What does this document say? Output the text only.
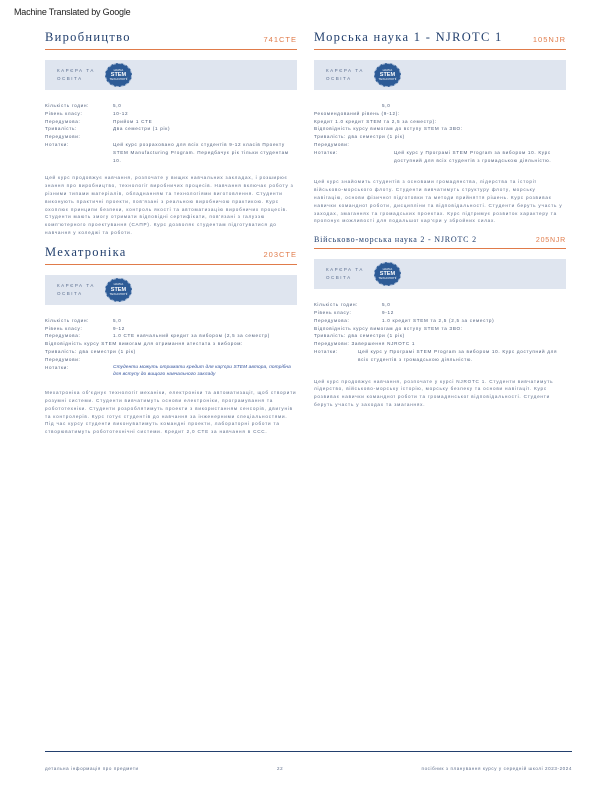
Machine Translated by Google
Виробництво	741CTE
КАРЄРА ТА
ОСВІТА
НАУКА
STEM
ТЕХНОЛОГІЇ
Кількість годин:	5,0
Рівень класу:	10-12
Передумова:	Прийом 1 CTE
Тривалість:	Два семестри (1 рік)
Передумови:
Нотатки:	Цей курс розраховано для всіх студентів 9-12 класів Проекту STEM Manufacturing Program. Передбачує рік тільки студентам 10.

Цей курс продовжує навчання, розпочате у вищих навчальних закладах, і розширює знання про виробництво, технології виробничих процесів. Навчання включає роботу з різними типами матеріалів, обладнанням та технологіями виготовлення. Студенти виконують практичні проекти, пов'язані з реальною виробничою практикою. Курс охоплює принципи безпеки, контроль якості та автоматизацію виробничих процесів. Студенти мають змогу отримати відповідні сертифікати, пов'язані з галуззю комп'ютерного проектування (САПР). Курс дозволяє студентам підготуватися до навчання у коледжі та роботи.

Мехатроніка	203CTE
КАРЄРА ТА
ОСВІТА
НАУКА
STEM
ТЕХНОЛОГІЇ
Кількість годин:	5,0
Рівень класу:	9-12
Передумова:	1.0 CTE навчальний кредит за вибором (2,5 за семестр)
Відповідність курсу STEM вимогам для отримання атестата з вибором:
Тривалість: два семестри (1 рік)
Передумови:
Нотатки:	Студенти можуть отримати кредит для кар'єри STEM автора, потрібна для вступу до вищого навчального закладу

Мехатроніка об'єднує технології механіки, електроніки та автоматизації, щоб створити розумні системи. Студенти вивчатимуть основи електроніки, програмування та робототехніки. Студенти розроблятимуть проекти з використанням сенсорів, двигунів та контролерів. Курс готує студентів до навчання за інженерними спеціальностями. Під час курсу студенти виконуватимуть командні проекти, лабораторні роботи та створюватимуть робототехнічні системи. Кредит 2,0 CTE за навчання в ССС.

Морська наука 1 - NJROTC 1	105NJR
КАРЄРА ТА
ОСВІТА
НАУКА
STEM
ТЕХНОЛОГІЇ
5,0
Рекомендований рівень (9-12):
Кредит 1.0 кредит STEM та 2,5 за семестр):
Відповідність курсу вимогам до вступу STEM та ЗВО:
Тривалість: два семестри (1 рік)
Передумови:
Нотатки:	Цей курс у Програмі STEM Program за вибором 10. Курс доступний для всіх студентів з громадською діяльністю.

Цей курс знайомить студентів з основами громадянства, лідерства та історії військово-морського флоту. Студенти вивчатимуть структуру флоту, морську навігацію, основи фізичної підготовки та методи прийняття рішень. Курс розвиває навички командної роботи, дисципліни та відповідальності. Студенти беруть участь у заходах, змаганнях та громадських проектах. Курс підтримує розвиток характеру та пропонує можливості для подальшої кар'єри у збройних силах.

Військово-морська наука 2 - NJROTC 2	205NJR
КАРЄРА ТА
ОСВІТА
НАУКА
STEM
ТЕХНОЛОГІЇ
Кількість годин:	5,0
Рівень класу:	9-12
Передумова:	1.0 кредит STEM та 2,5 (2,5 за семестр)
Відповідність курсу вимогам до вступу STEM та ЗВО:
Тривалість: два семестри (1 рік)
Передумови: Завершення NJROTC 1
Нотатки:	Цей курс у Програмі STEM Program за вибором 10. Курс доступний для всіх студентів з громадською діяльністю.

Цей курс продовжує навчання, розпочате у курсі NJROTC 1. Студенти вивчатимуть лідерство, військово-морську історію, морську безпеку та основи навігації. Курс розвиває навички командної роботи та громадянської відповідальності. Студенти беруть участь у заходах та змаганнях.

детальна інформація про предмети	22	посібник з планування курсу у середній школі 2023-2024
